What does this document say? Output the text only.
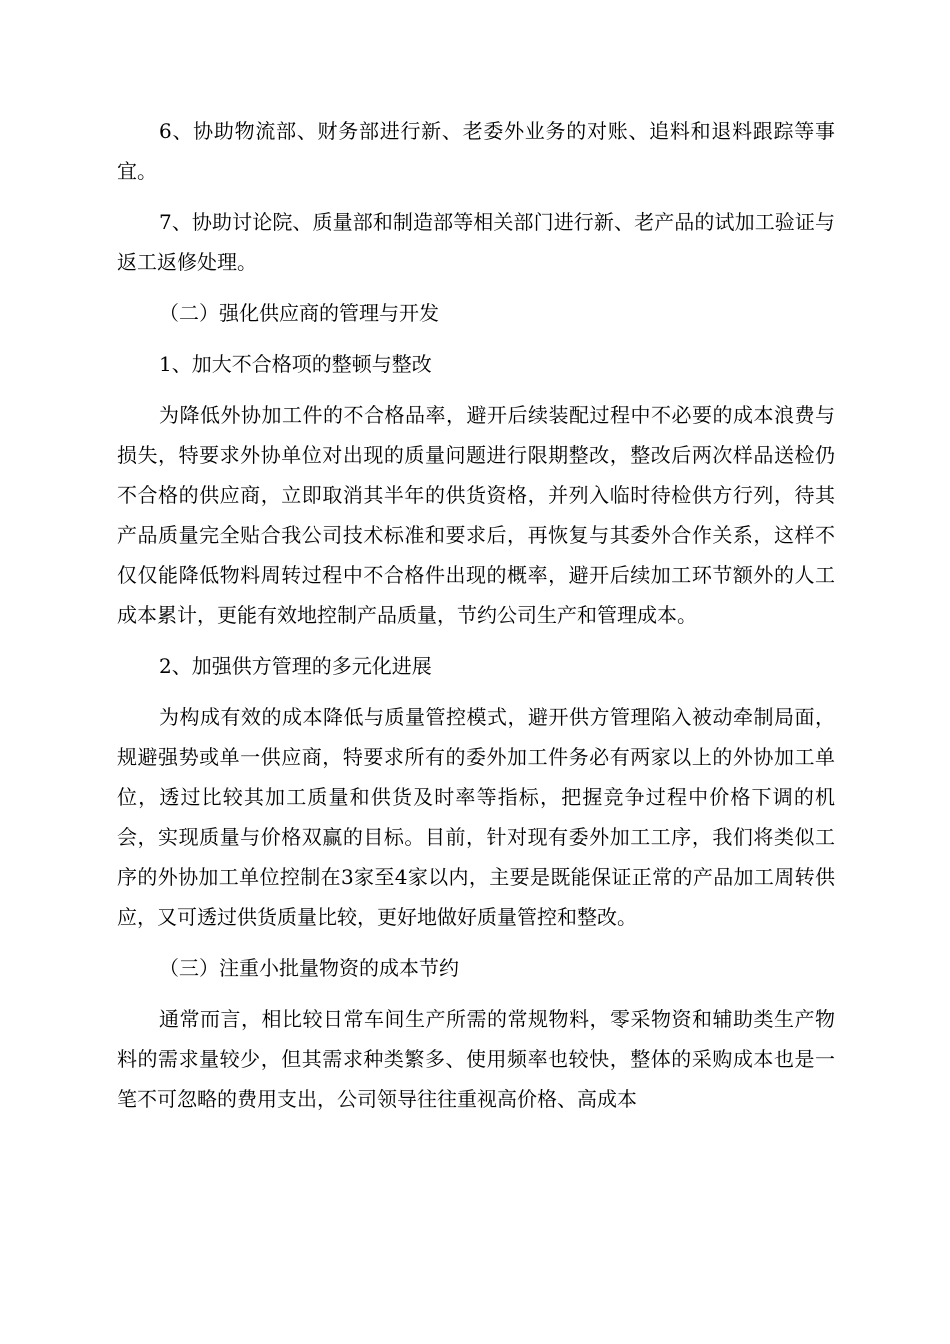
6、协助物流部、财务部进行新、老委外业务的对账、追料和退料跟踪等事宜。

7、协助讨论院、质量部和制造部等相关部门进行新、老产品的试加工验证与返工返修处理。

（二）强化供应商的管理与开发

1、加大不合格项的整顿与整改

为降低外协加工件的不合格品率，避开后续装配过程中不必要的成本浪费与损失，特要求外协单位对出现的质量问题进行限期整改，整改后两次样品送检仍不合格的供应商，立即取消其半年的供货资格，并列入临时待检供方行列，待其产品质量完全贴合我公司技术标准和要求后，再恢复与其委外合作关系，这样不仅仅能降低物料周转过程中不合格件出现的概率，避开后续加工环节额外的人工成本累计，更能有效地控制产品质量，节约公司生产和管理成本。

2、加强供方管理的多元化进展

为构成有效的成本降低与质量管控模式，避开供方管理陷入被动牵制局面，规避强势或单一供应商，特要求所有的委外加工件务必有两家以上的外协加工单位，透过比较其加工质量和供货及时率等指标，把握竞争过程中价格下调的机会，实现质量与价格双赢的目标。目前，针对现有委外加工工序，我们将类似工序的外协加工单位控制在3家至4家以内，主要是既能保证正常的产品加工周转供应，又可透过供货质量比较，更好地做好质量管控和整改。

（三）注重小批量物资的成本节约

通常而言，相比较日常车间生产所需的常规物料，零采物资和辅助类生产物料的需求量较少，但其需求种类繁多、使用频率也较快，整体的采购成本也是一笔不可忽略的费用支出，公司领导往往重视高价格、高成本
